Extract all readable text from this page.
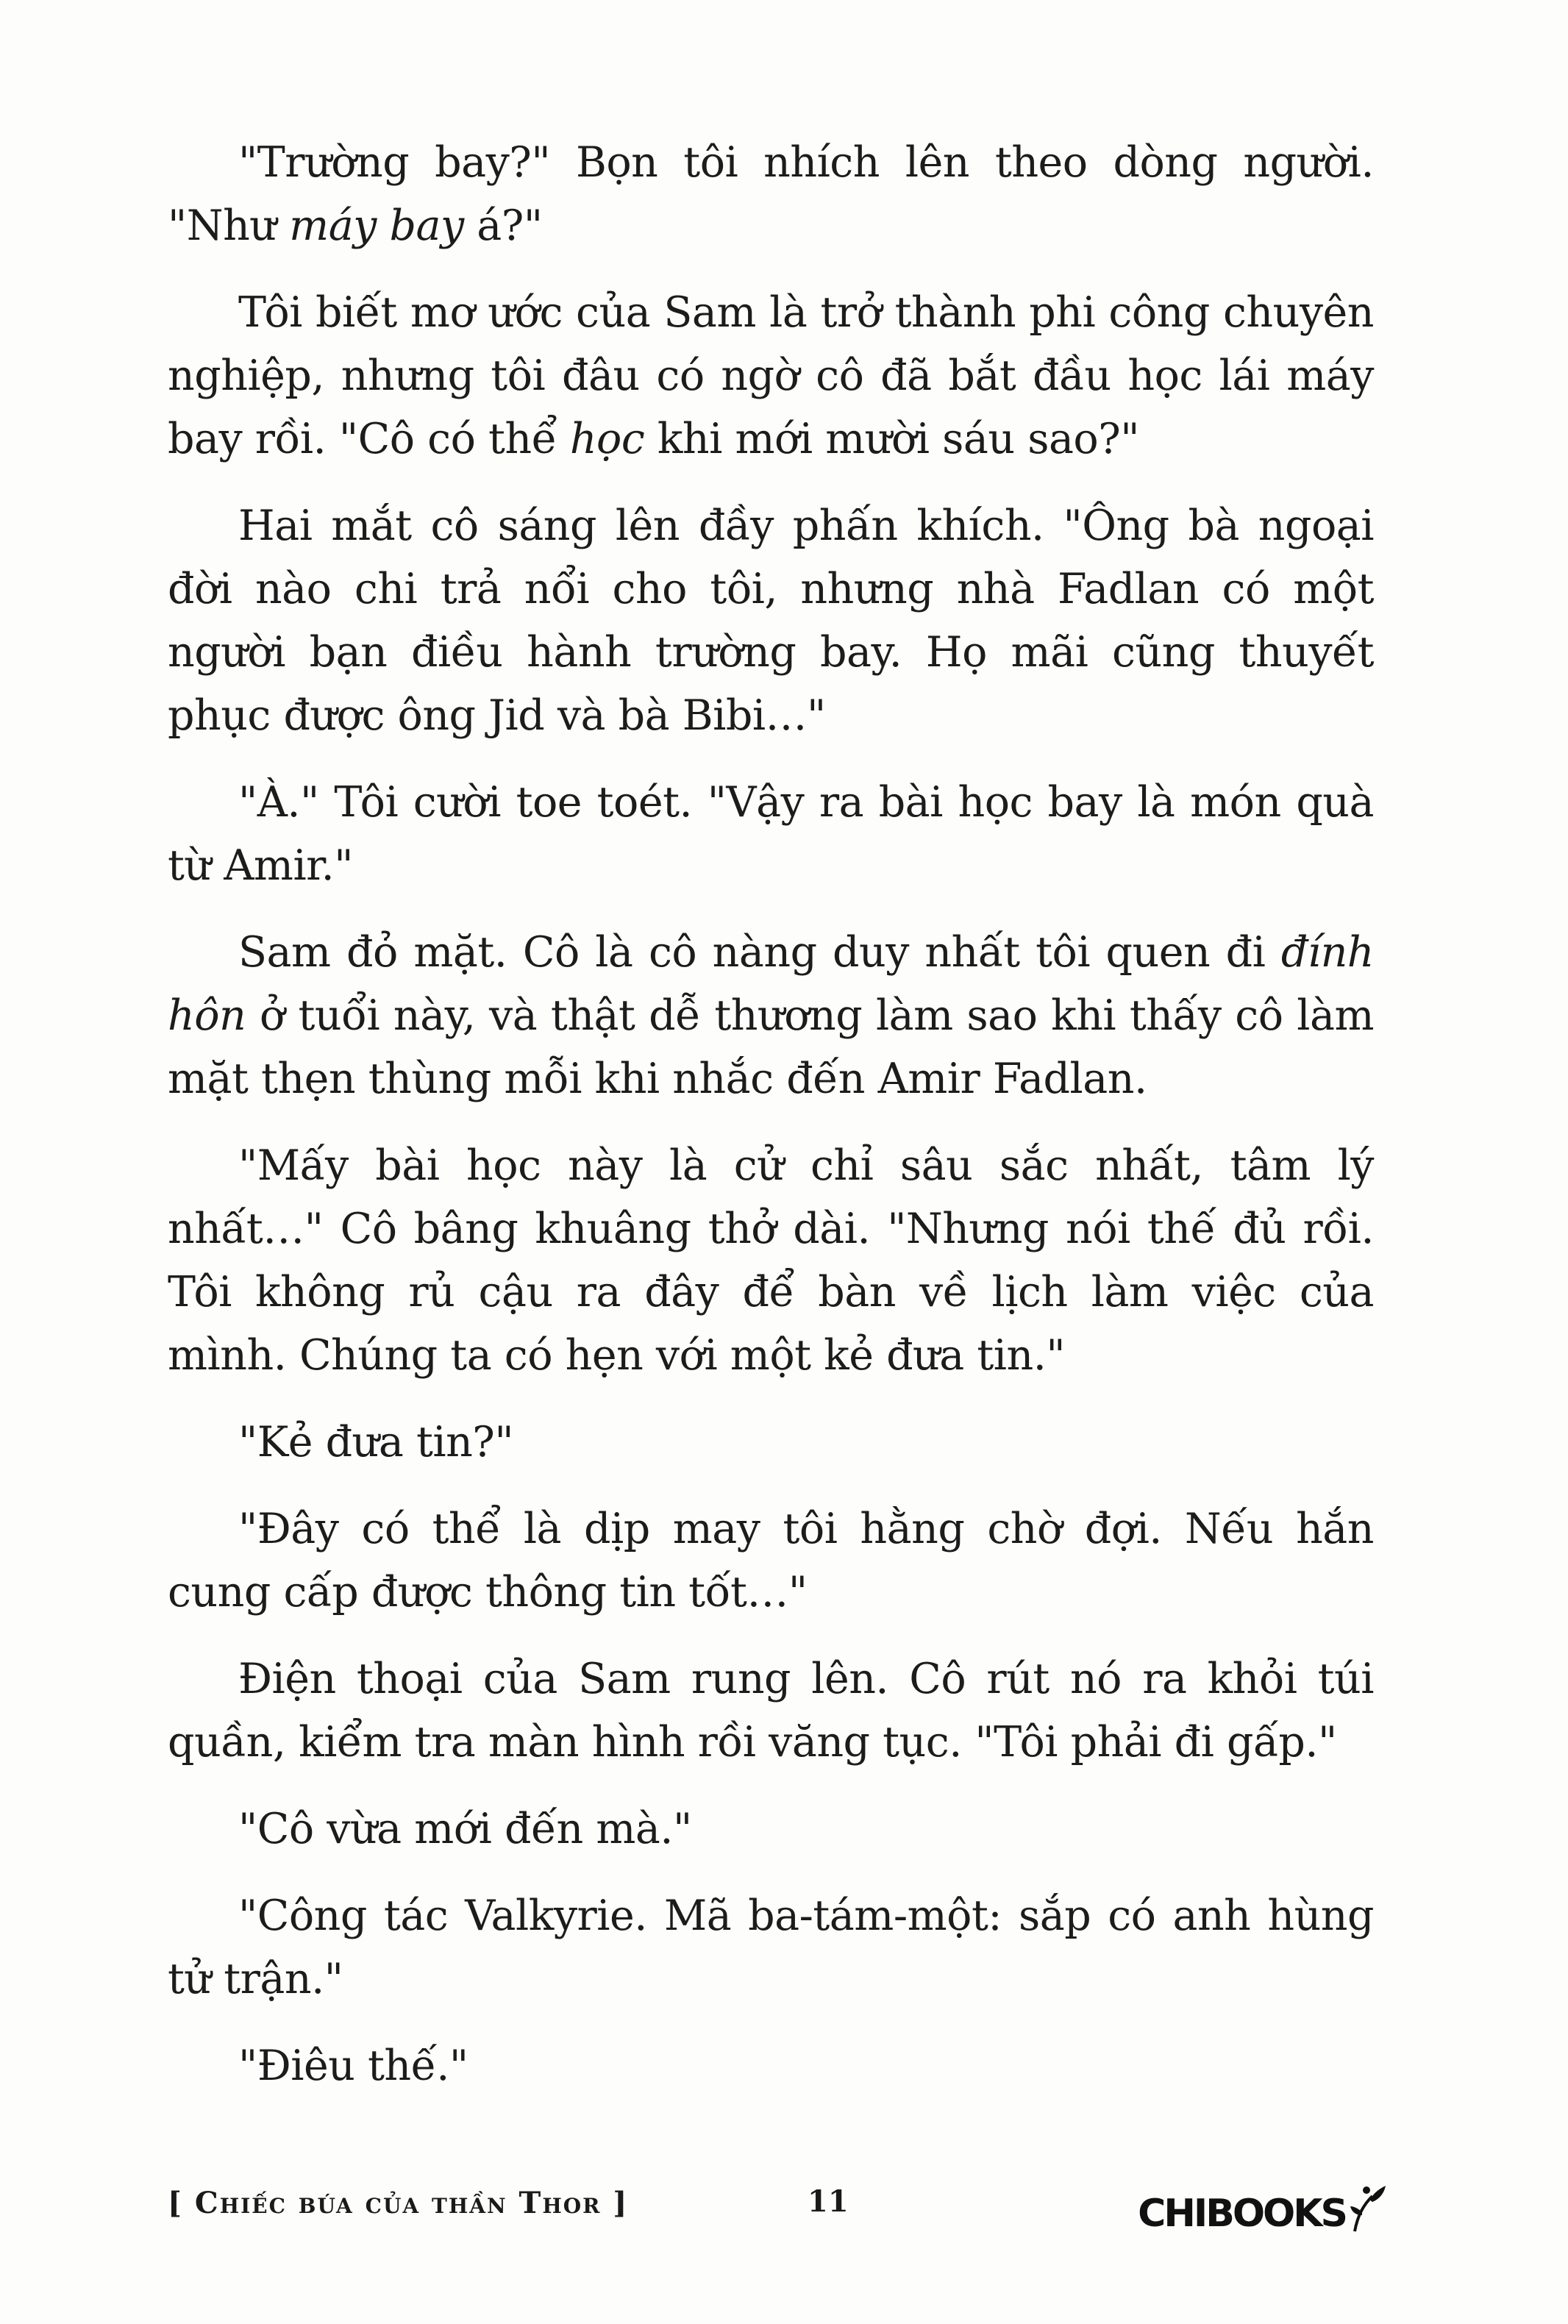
"Trường bay?" Bọn tôi nhích lên theo dòng người. "Như máy bay á?"

Tôi biết mơ ước của Sam là trở thành phi công chuyên nghiệp, nhưng tôi đâu có ngờ cô đã bắt đầu học lái máy bay rồi. "Cô có thể học khi mới mười sáu sao?"

Hai mắt cô sáng lên đầy phấn khích. "Ông bà ngoại đời nào chi trả nổi cho tôi, nhưng nhà Fadlan có một người bạn điều hành trường bay. Họ mãi cũng thuyết phục được ông Jid và bà Bibi…"

"À." Tôi cười toe toét. "Vậy ra bài học bay là món quà từ Amir."

Sam đỏ mặt. Cô là cô nàng duy nhất tôi quen đi đính hôn ở tuổi này, và thật dễ thương làm sao khi thấy cô làm mặt thẹn thùng mỗi khi nhắc đến Amir Fadlan.

"Mấy bài học này là cử chỉ sâu sắc nhất, tâm lý nhất…" Cô bâng khuâng thở dài. "Nhưng nói thế đủ rồi. Tôi không rủ cậu ra đây để bàn về lịch làm việc của mình. Chúng ta có hẹn với một kẻ đưa tin."

"Kẻ đưa tin?"

"Đây có thể là dịp may tôi hằng chờ đợi. Nếu hắn cung cấp được thông tin tốt…"

Điện thoại của Sam rung lên. Cô rút nó ra khỏi túi quần, kiểm tra màn hình rồi văng tục. "Tôi phải đi gấp."

"Cô vừa mới đến mà."

"Công tác Valkyrie. Mã ba-tám-một: sắp có anh hùng tử trận."

"Điêu thế."

[ Chiếc búa của thần Thor ]	11	CHIBOOKS
